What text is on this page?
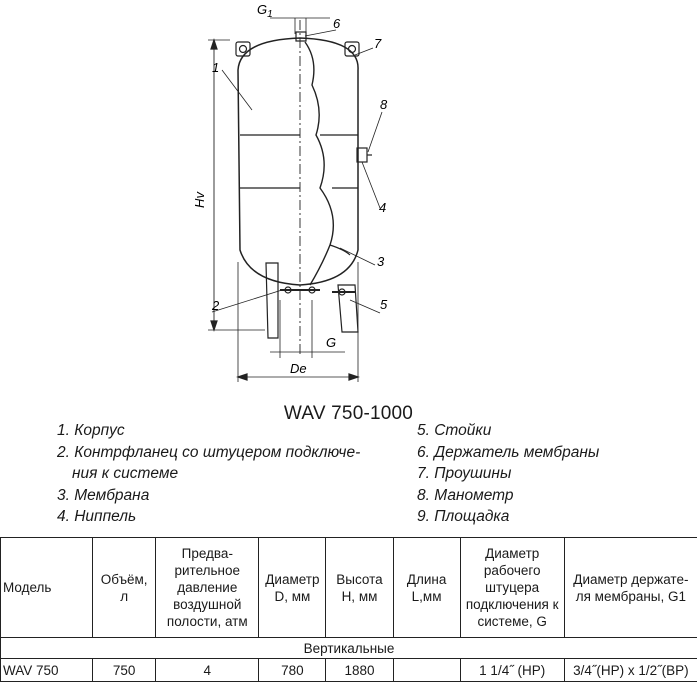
1
2
3
4
5
6
7
8
$G_1$
Hv
G
De
WAV 750-1000
1. Корпус
2. Контрфланец со штуцером подключе-
ния к системе
3. Мембрана
4. Ниппель
5. Стойки
6. Держатель мембраны
7. Проушины
8. Манометр
9. Площадка
Модель	Объём, л	Предва-рительное давление воздушной полости, атм	Диаметр D, мм	Высота H, мм	Длина L,мм	Диаметр рабочего штуцера подключения к системе, G	Диаметр держате-ля мембраны, G1
Вертикальные							
WAV 750	750	4	780	1880		1 1/4˝ (НР)	3/4˝(НР) х 1/2˝(ВР)
